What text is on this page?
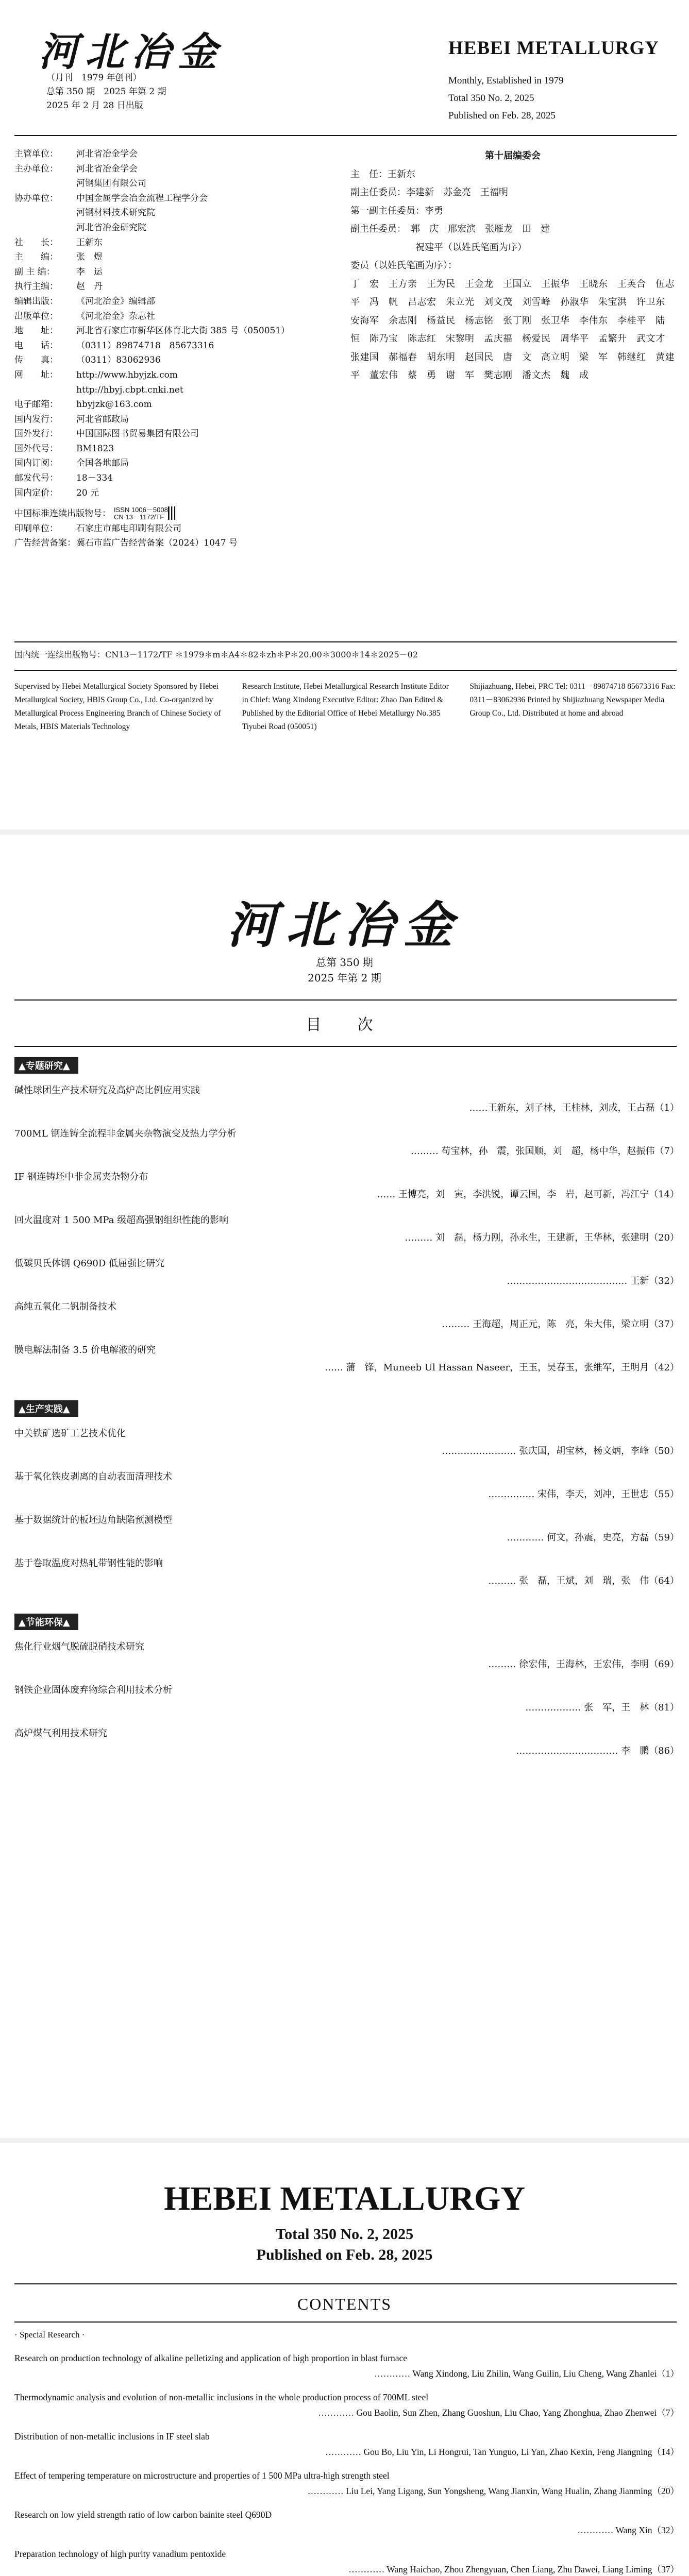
河北冶金
（月刊　1979 年创刊）
总第 350 期　2025 年第 2 期
2025 年 2 月 28 日出版
HEBEI METALLURGY
Monthly, Established in 1979
Total 350 No. 2, 2025
Published on Feb. 28, 2025
主管单位：	河北省冶金学会
主办单位：	河北省冶金学会
河钢集团有限公司
协办单位：	中国金属学会冶金流程工程学分会
河钢材料技术研究院
河北省冶金研究院
社　　长：	王新东
主　　编：	张　煜
副 主 编：	李　运
执行主编：	赵　丹
编辑出版：	《河北冶金》编辑部
出版单位：	《河北冶金》杂志社
地　　址：	河北省石家庄市新华区体育北大街 385 号（050051）
电　　话：	（0311）89874718　85673316
传　　真：	（0311）83062936
网　　址：	http://www.hbyjzk.com
http://hbyj.cbpt.cnki.net
电子邮箱：	hbyjzk@163.com
国内发行：	河北省邮政局
国外发行：	中国国际图书贸易集团有限公司
国外代号：	BM1823
国内订阅：	全国各地邮局
邮发代号：	18－334
国内定价：	20 元
中国标准连续出版物号： ISSN 1006－5008
CN 13－1172/TF
印刷单位：	石家庄市邮电印刷有限公司
广告经营备案： 冀石市监广告经营备案（2024）1047 号
第十届编委会
主　任：王新东
副主任委员：李建新　苏金亮　王福明
第一副主任委员：李勇
副主任委员：　郭　庆　邢宏滨　张雁龙　田　建
　　　　　　　祝建平（以姓氏笔画为序）
委员（以姓氏笔画为序）：
丁　宏　王方亲　王为民　王金龙　王国立　王振华　王晓东　王英合　伍志平　冯　帆　吕志宏　朱立光　刘文茂　刘雪峰　孙淑华　朱宝洪　许卫东　安海军　余志刚　杨益民　杨志铭　张丁刚　张卫华　李伟东　李桂平　陆　恒　陈乃宝　陈志红　宋黎明　孟庆福　杨爱民　周华平　孟繁升　武文才　张建国　郝福春　胡东明　赵国民　唐　文　高立明　梁　军　韩继红　黄建平　董宏伟　蔡　勇　谢　军　樊志刚　潘文杰　魏　成
国内统一连续出版物号：CN13－1172/TF ＊1979＊m＊A4＊82＊zh＊P＊20.00＊3000＊14＊2025－02
Supervised by Hebei Metallurgical Society Sponsored by Hebei Metallurgical Society, HBIS Group Co., Ltd. Co-organized by Metallurgical Process Engineering Branch of Chinese Society of Metals, HBIS Materials Technology
Research Institute, Hebei Metallurgical Research Institute Editor in Chief: Wang Xindong Executive Editor: Zhao Dan Edited & Published by the Editorial Office of Hebei Metallurgy No.385 Tiyubei Road (050051)
Shijiazhuang, Hebei, PRC Tel: 0311－89874718 85673316 Fax: 0311－83062936 Printed by Shijiazhuang Newspaper Media Group Co., Ltd. Distributed at home and abroad
河北冶金
总第 350 期
2025 年第 2 期
目　次
▲专题研究▲
碱性球团生产技术研究及高炉高比例应用实践
……王新东，刘子林，王桂林，刘成，王占磊（1）
700ML 钢连铸全流程非金属夹杂物演变及热力学分析
……… 苟宝林，孙　震，张国顺，刘　超，杨中华，赵振伟（7）
IF 钢连铸坯中非金属夹杂物分布
…… 王博亮，刘　寅，李洪锐，谭云国，李　岩，赵可新，冯江宁（14）
回火温度对 1 500 MPa 级超高强钢组织性能的影响
……… 刘　磊，杨力刚，孙永生，王建新，王华林，张建明（20）
低碳贝氏体钢 Q690D 低屈强比研究
………………………………… 王新（32）
高纯五氧化二钒制备技术
……… 王海超，周正元，陈　亮，朱大伟，梁立明（37）
膜电解法制备 3.5 价电解液的研究
…… 蒲　锋，Muneeb Ul Hassan Naseer，王玉，吴春玉，张维军，王明月（42）
▲生产实践▲
中关铁矿选矿工艺技术优化
…………………… 张庆国，胡宝林，杨文炳，李峰（50）
基于氧化铁皮剥离的自动表面清理技术
…………… 宋伟，李天，刘冲，王世忠（55）
基于数据统计的板坯边角缺陷预测模型
………… 何文，孙震，史亮，方磊（59）
基于卷取温度对热轧带钢性能的影响
……… 张　磊，王斌，刘　瑞，张　伟（64）
▲节能环保▲
焦化行业烟气脱硫脱硝技术研究
……… 徐宏伟，王海林，王宏伟，李明（69）
钢铁企业固体废弃物综合利用技术分析
……………… 张　军，王　林（81）
高炉煤气利用技术研究
…………………………… 李　鹏（86）
HEBEI METALLURGY
Total 350 No. 2, 2025
Published on Feb. 28, 2025
CONTENTS
· Special Research ·
Research on production technology of alkaline pelletizing and application of high proportion in blast furnace
………… Wang Xindong, Liu Zhilin, Wang Guilin, Liu Cheng, Wang Zhanlei（1）
Thermodynamic analysis and evolution of non-metallic inclusions in the whole production process of 700ML steel
………… Gou Baolin, Sun Zhen, Zhang Guoshun, Liu Chao, Yang Zhonghua, Zhao Zhenwei（7）
Distribution of non-metallic inclusions in IF steel slab
………… Gou Bo, Liu Yin, Li Hongrui, Tan Yunguo, Li Yan, Zhao Kexin, Feng Jiangning（14）
Effect of tempering temperature on microstructure and properties of 1 500 MPa ultra-high strength steel
………… Liu Lei, Yang Ligang, Sun Yongsheng, Wang Jianxin, Wang Hualin, Zhang Jianming（20）
Research on low yield strength ratio of low carbon bainite steel Q690D
………… Wang Xin（32）
Preparation technology of high purity vanadium pentoxide
………… Wang Haichao, Zhou Zhengyuan, Chen Liang, Zhu Dawei, Liang Liming（37）
